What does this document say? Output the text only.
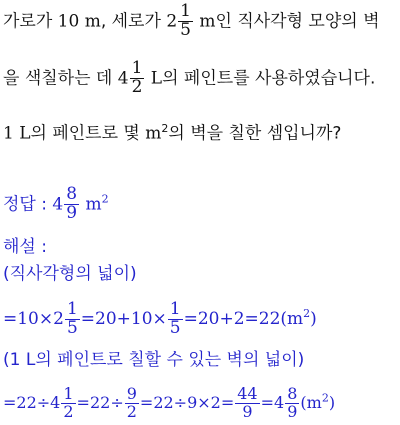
가로가 10 m, 세로가 $2 \frac{1}{5}$ m인 직사각형 모양의 벽
을 색칠하는 데 $4 \frac{1}{2}$ L의 페인트를 사용하였습니다.
1 L의 페인트로 몇 $m^2$의 벽을 칠한 셈입니까?
정답 : $4 \frac{8}{9} m^2$
해설 :
(직사각형의 넓이)
$=10\times 2 \frac{1}{5} =20+10\times \frac{1}{5} =20+2=22(m^2)$
(1 L의 페인트로 칠할 수 있는 벽의 넓이)
$=22\div 4 \frac{1}{2} =22\div \frac{9}{2} =22\div 9\times 2= \frac{44}{9} =4 \frac{8}{9} (m^2)$
